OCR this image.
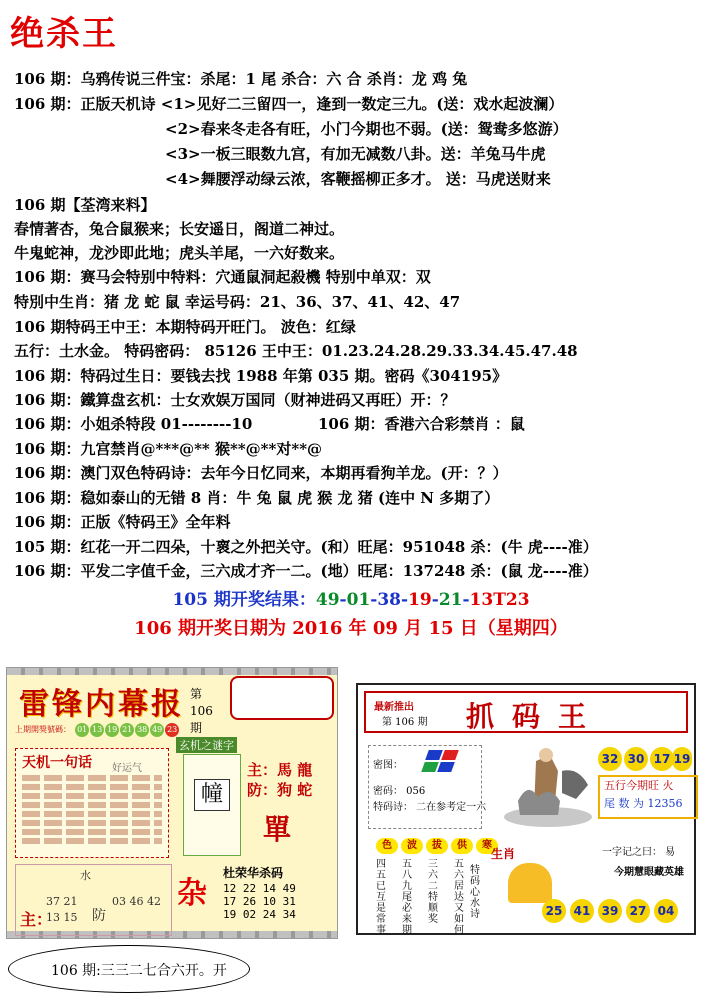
绝杀王
106 期：乌鸦传说三件宝：杀尾：1 尾 杀合：六 合 杀肖：龙 鸡 兔
106 期：正版天机诗 <1>见好二三留四一，逢到一数定三九。(送：戏水起波澜）
<2>春来冬走各有旺，小门今期也不弱。(送：鸳鸯多悠游）
<3>一板三眼数九宫，有加无减数八卦。送：羊兔马牛虎
<4>舞腰浮动绿云浓，客鞭摇柳正多才。 送：马虎送财来
106 期【荃湾来料】
春情著杏，兔合鼠猴来；长安遥日，阁道二神过。
牛鬼蛇神，龙沙即此地；虎头羊尾，一六好数来。
106 期：赛马会特别中特料：穴通鼠洞起殺機 特别中单双：双
特別中生肖：猪 龙 蛇 鼠 幸运号码：21、36、37、41、42、47
106 期特码王中王：本期特码开旺门。 波色：红绿
五行：土水金。 特码密码： 85126 王中王：01.23.24.28.29.33.34.45.47.48
106 期：特码过生日：要钱去找 1988 年第 035 期。密码《304195》
106 期：鐵算盘玄机：士女欢娱万国同（财神进码又再旺）开：？
106 期：小姐杀特段 01--------10	106 期：香港六合彩禁肖 ：鼠
106 期：九宫禁肖@***@** 猴**@**对**@
106 期：澳门双色特码诗：去年今日忆同来，本期再看狗羊龙。(开：？）
106 期：稳如泰山的无错 8 肖：牛 兔 鼠 虎 猴 龙 猪 (连中 N 多期了）
106 期：正版《特码王》全年料
105 期：红花一开二四朵，十褱之外把关守。(和）旺尾：951048 杀：(牛 虎----准）
106 期：平发二字值千金，三六成才齐一二。(地）旺尾：137248 杀：(鼠 龙----准）
105 期开奖结果：49-01-38-19-21-13T23
106 期开奖日期为 2016 年 09 月 15 日（星期四）
雷锋内幕报 第
106
期
上期開獎號碼： 01 13 19 21 38 49 23
天机一句话	好运气
玄机之谜字
幢
主：馬 龍
防：狗 蛇
單
水
主：	防
37 21
13 15
03 46 42 杂
杜荣华杀码
12 22 14 49
17 26 10 31
19 02 24 34
最新推出
第 106 期 抓码王
密图：
密码： 056
特码诗： 二在参考定一六
32 30 17 19
五行今期旺 火
尾 数 为 12356
色 波 拔 供 寒
四五已互是常事
五八九尾必来期
三六二特顺奖
五六居达又如何
生肖
特码心水诗
一字记之曰： 易
今期慧眼藏英雄
25 41 39 27 04
106 期:三三二七合六开。开
